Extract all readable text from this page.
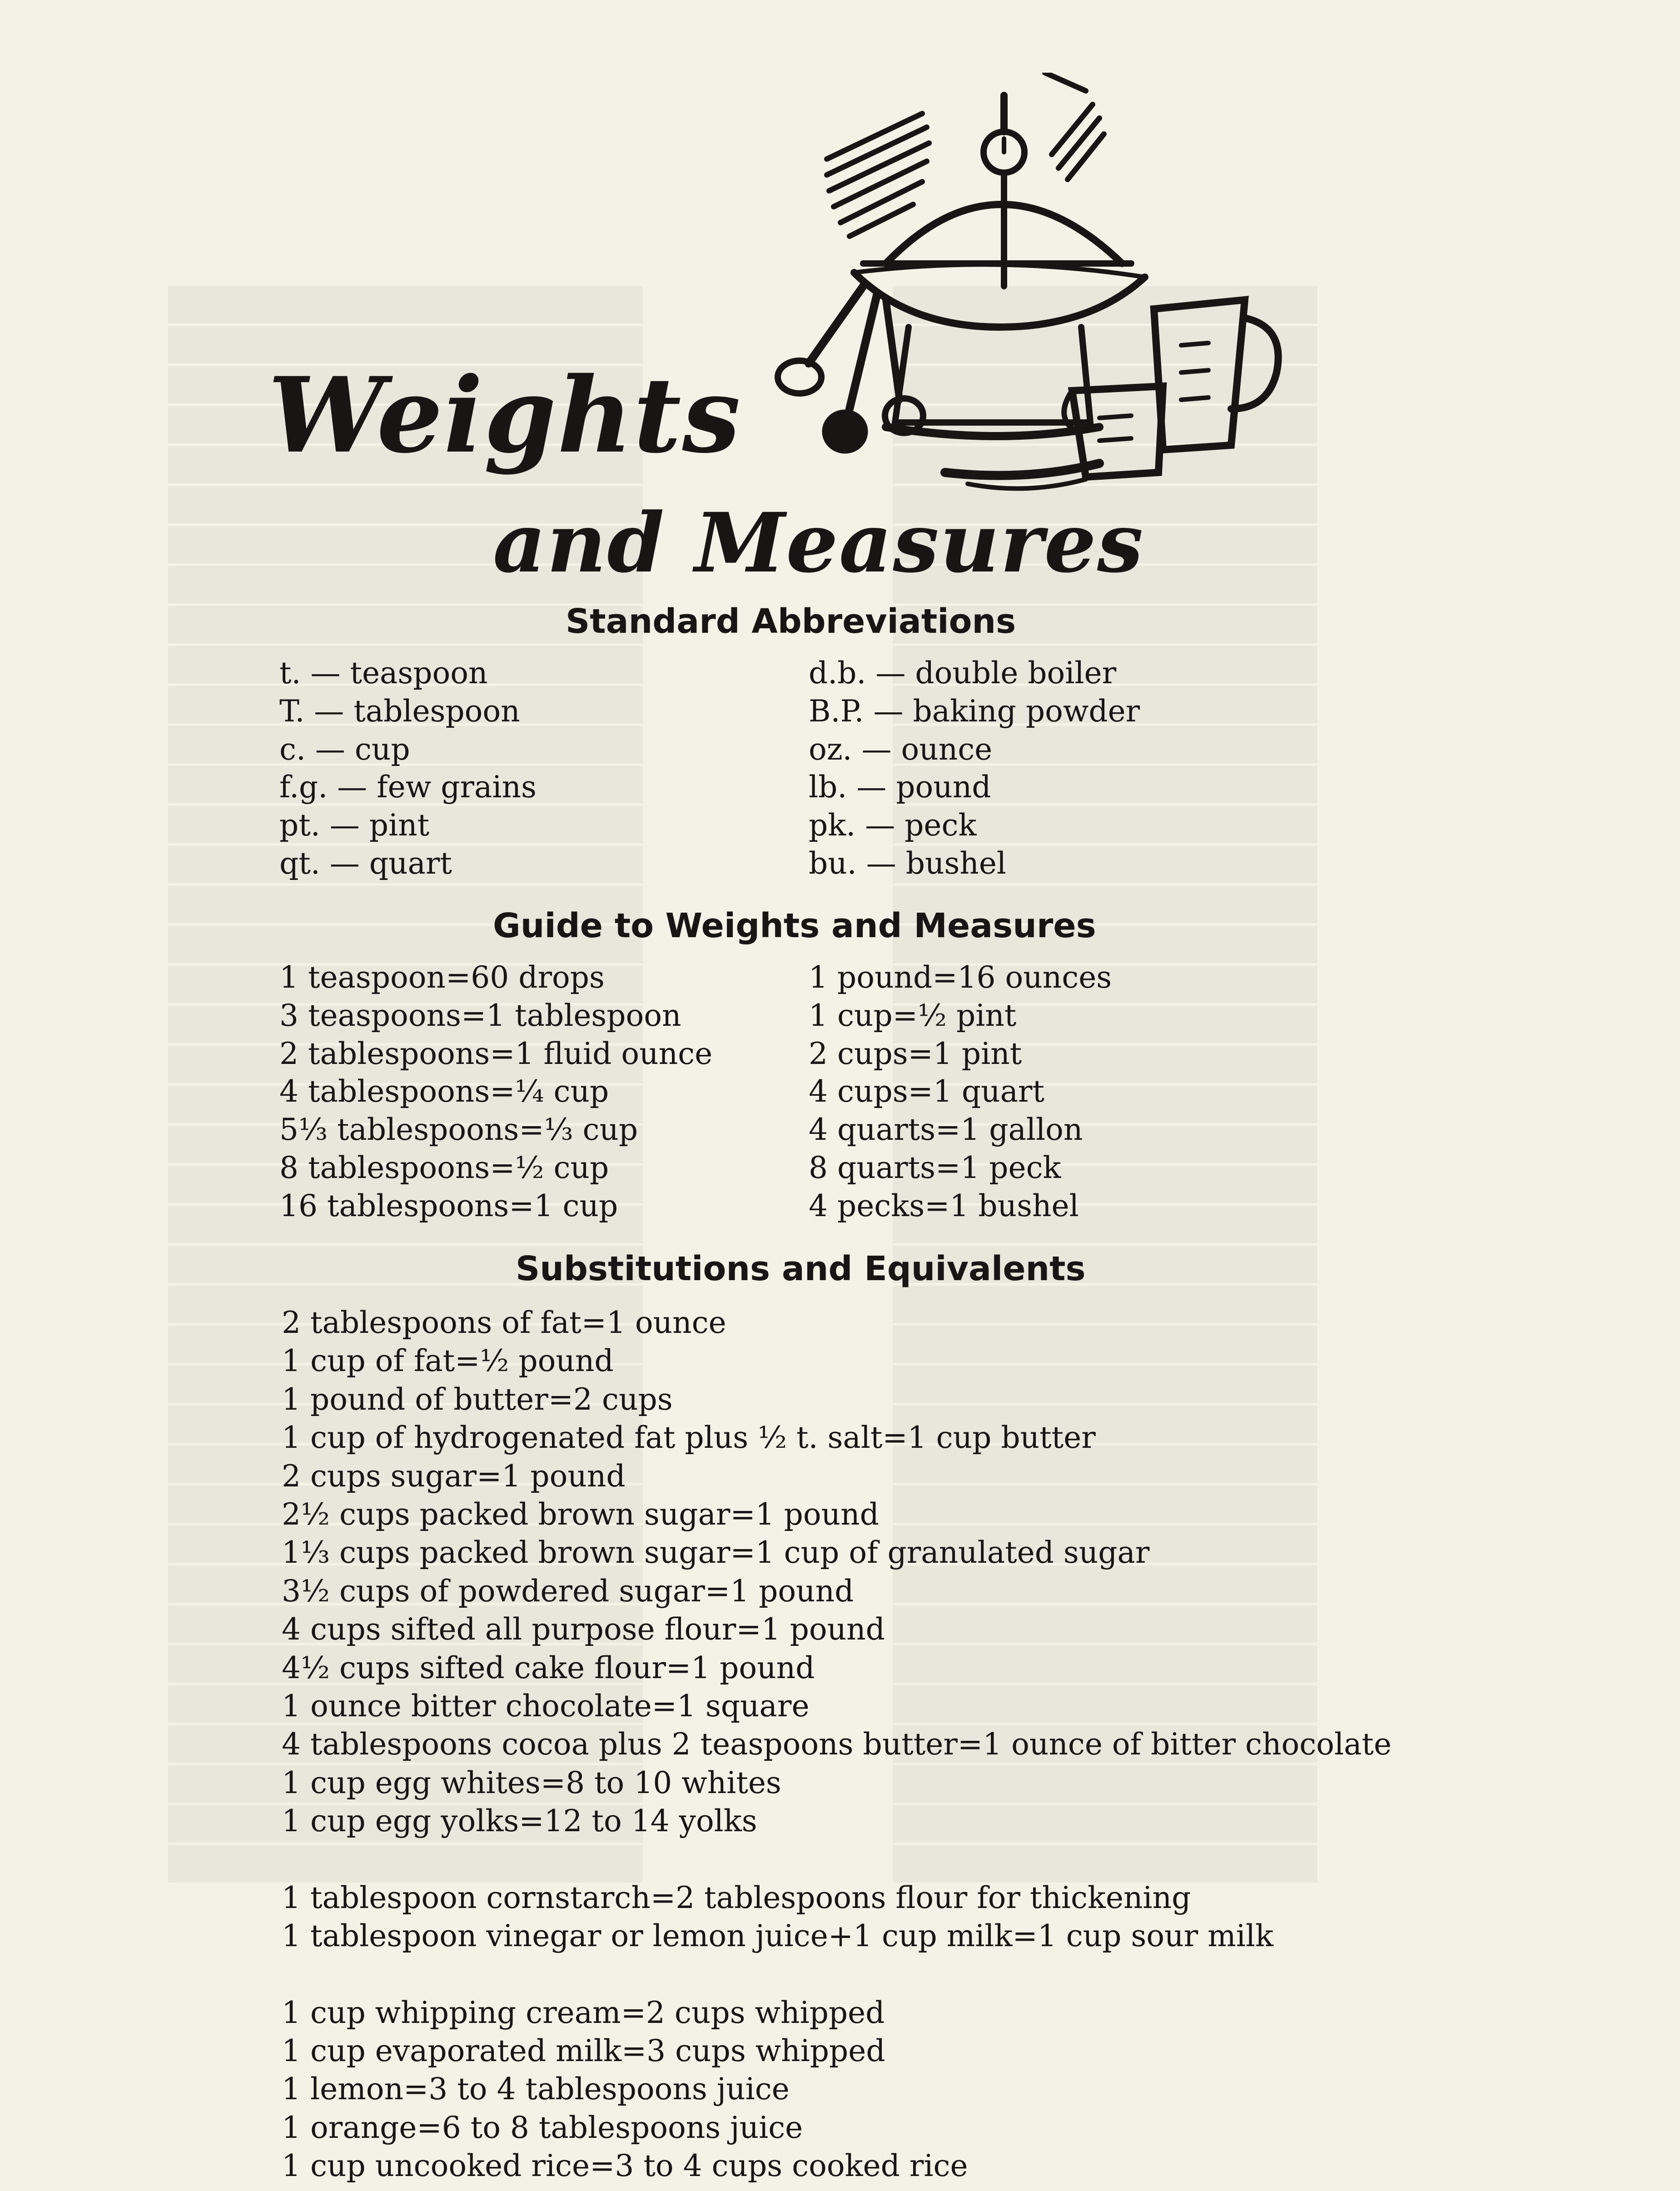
Weights
and Measures
Standard Abbreviations
t. — teaspoon
T. — tablespoon
c. — cup
f.g. — few grains
pt. — pint
qt. — quart
d.b. — double boiler
B.P. — baking powder
oz. — ounce
lb. — pound
pk. — peck
bu. — bushel
Guide to Weights and Measures
1 teaspoon=60 drops
3 teaspoons=1 tablespoon
2 tablespoons=1 fluid ounce
4 tablespoons=¼ cup
5⅓ tablespoons=⅓ cup
8 tablespoons=½ cup
16 tablespoons=1 cup
1 pound=16 ounces
1 cup=½ pint
2 cups=1 pint
4 cups=1 quart
4 quarts=1 gallon
8 quarts=1 peck
4 pecks=1 bushel
Substitutions and Equivalents
2 tablespoons of fat=1 ounce
1 cup of fat=½ pound
1 pound of butter=2 cups
1 cup of hydrogenated fat plus ½ t. salt=1 cup butter
2 cups sugar=1 pound
2½ cups packed brown sugar=1 pound
1⅓ cups packed brown sugar=1 cup of granulated sugar
3½ cups of powdered sugar=1 pound
4 cups sifted all purpose flour=1 pound
4½ cups sifted cake flour=1 pound
1 ounce bitter chocolate=1 square
4 tablespoons cocoa plus 2 teaspoons butter=1 ounce of bitter chocolate
1 cup egg whites=8 to 10 whites
1 cup egg yolks=12 to 14 yolks
1 tablespoon cornstarch=2 tablespoons flour for thickening
1 tablespoon vinegar or lemon juice+1 cup milk=1 cup sour milk
1 cup whipping cream=2 cups whipped
1 cup evaporated milk=3 cups whipped
1 lemon=3 to 4 tablespoons juice
1 orange=6 to 8 tablespoons juice
1 cup uncooked rice=3 to 4 cups cooked rice
